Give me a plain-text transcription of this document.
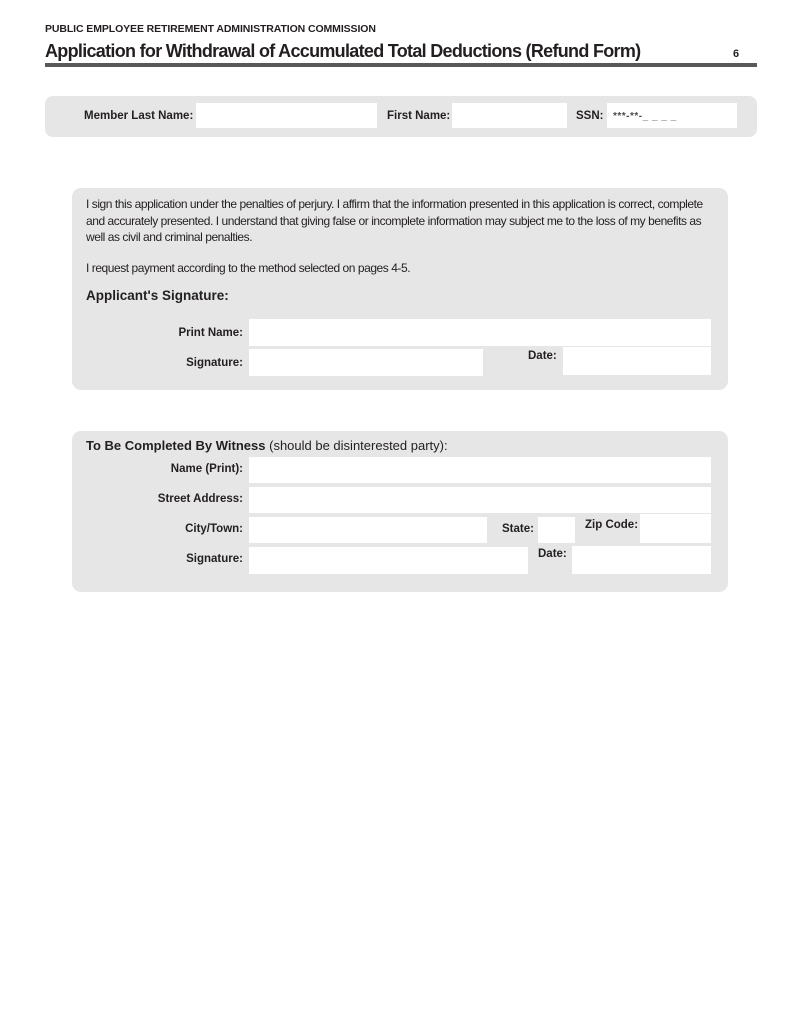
PUBLIC EMPLOYEE RETIREMENT ADMINISTRATION COMMISSION
Application for Withdrawal of Accumulated Total Deductions (Refund Form)	6
Member Last Name:	First Name:	SSN:
***-**-_ _ _ _
I sign this application under the penalties of perjury. I affirm that the information presented in this application is correct, complete and accurately presented. I understand that giving false or incomplete information may subject me to the loss of my benefits as well as civil and criminal penalties.
I request payment according to the method selected on pages 4-5.
Applicant's Signature:
Print Name:
Signature:
Date:
To Be Completed By Witness (should be disinterested party):
Name (Print):
Street Address:
City/Town:	State:	Zip Code:
Signature:	Date:
